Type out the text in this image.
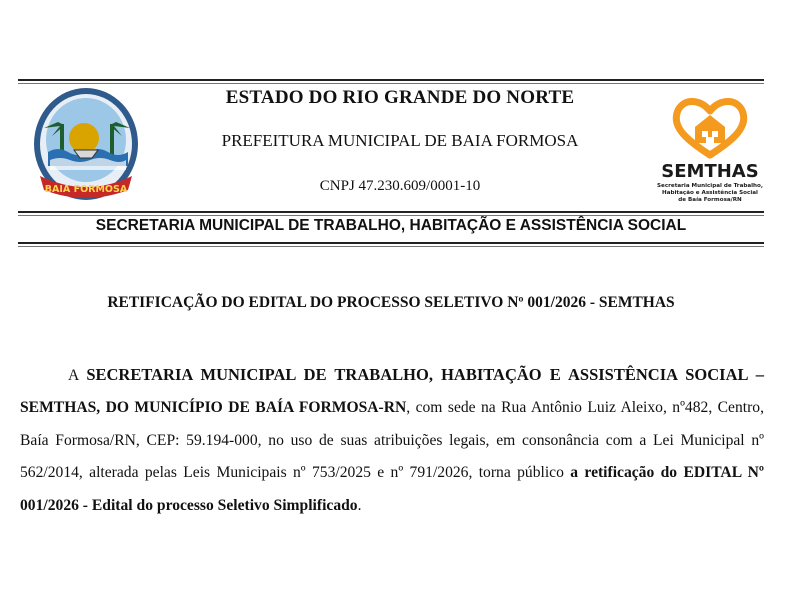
BAIA FORMOSA
ESTADO DO RIO GRANDE DO NORTE
PREFEITURA MUNICIPAL DE BAIA FORMOSA
CNPJ 47.230.609/0001-10
SEMTHAS
Secretaria Municipal de Trabalho,
Habitação e Assistência Social
de Baía Formosa/RN
SECRETARIA MUNICIPAL DE TRABALHO, HABITAÇÃO E ASSISTÊNCIA SOCIAL
RETIFICAÇÃO DO EDITAL DO PROCESSO SELETIVO Nº 001/2026 - SEMTHAS

A SECRETARIA MUNICIPAL DE TRABALHO, HABITAÇÃO E ASSISTÊNCIA SOCIAL – SEMTHAS, DO MUNICÍPIO DE BAÍA FORMOSA-RN, com sede na Rua Antônio Luiz Aleixo, nº482, Centro, Baía Formosa/RN, CEP: 59.194-000, no uso de suas atribuições legais, em consonância com a Lei Municipal nº 562/2014, alterada pelas Leis Municipais nº 753/2025 e nº 791/2026, torna público a retificação do EDITAL Nº 001/2026 - Edital do processo Seletivo Simplificado.
